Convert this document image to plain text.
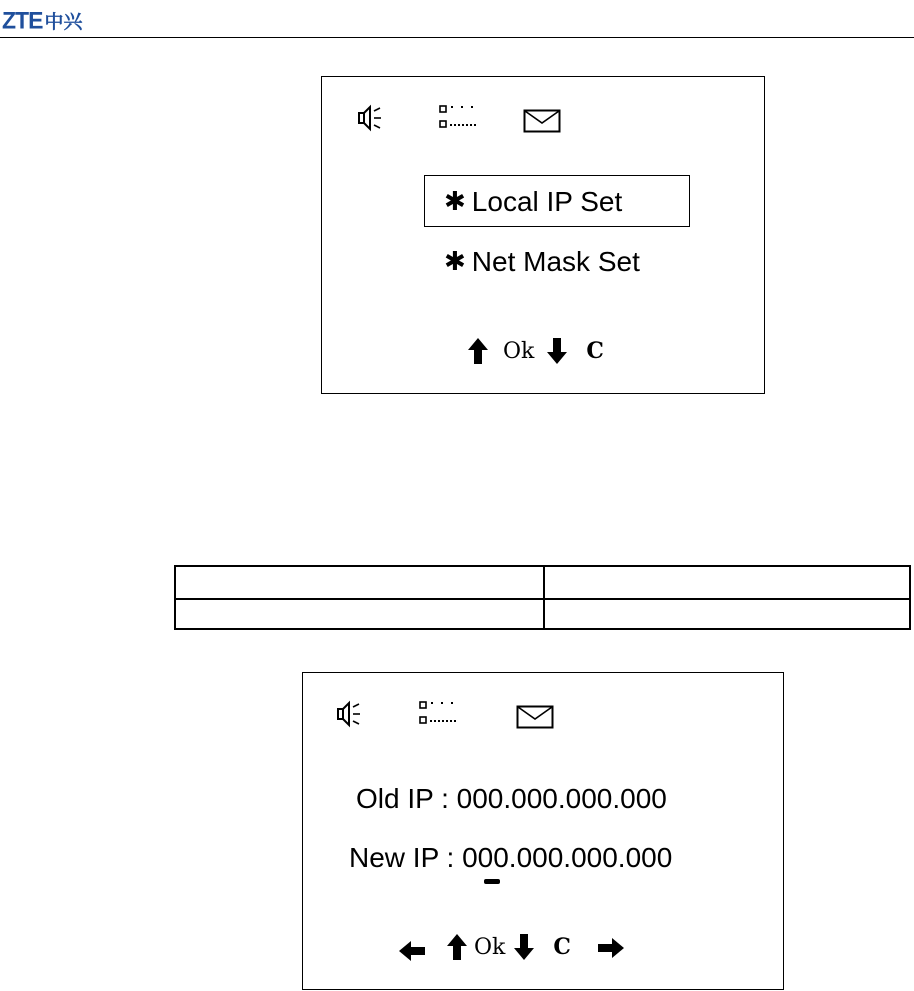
ZTE 中兴
✱ Local IP Set
✱ Net Mask Set
Ok C
Old IP : 000.000.000.000
New IP : 000.000.000.000
Ok C
